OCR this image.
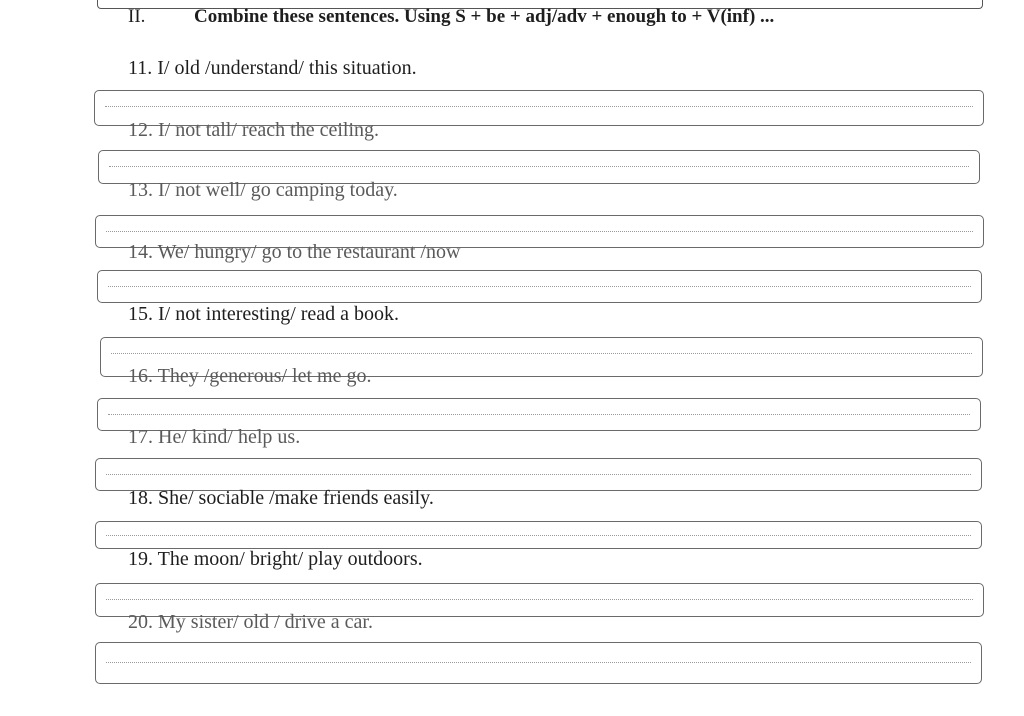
II.	Combine these sentences. Using S + be + adj/adv + enough to + V(inf) ...
11. I/ old /understand/ this situation.
12. I/ not tall/ reach the ceiling.
13. I/ not well/ go camping today.
14. We/ hungry/ go to the restaurant /now
15. I/ not interesting/ read a book.
16. They /generous/ let me go.
17. He/ kind/ help us.
18. She/ sociable /make friends easily.
19. The moon/ bright/ play outdoors.
20. My sister/ old / drive a car.
